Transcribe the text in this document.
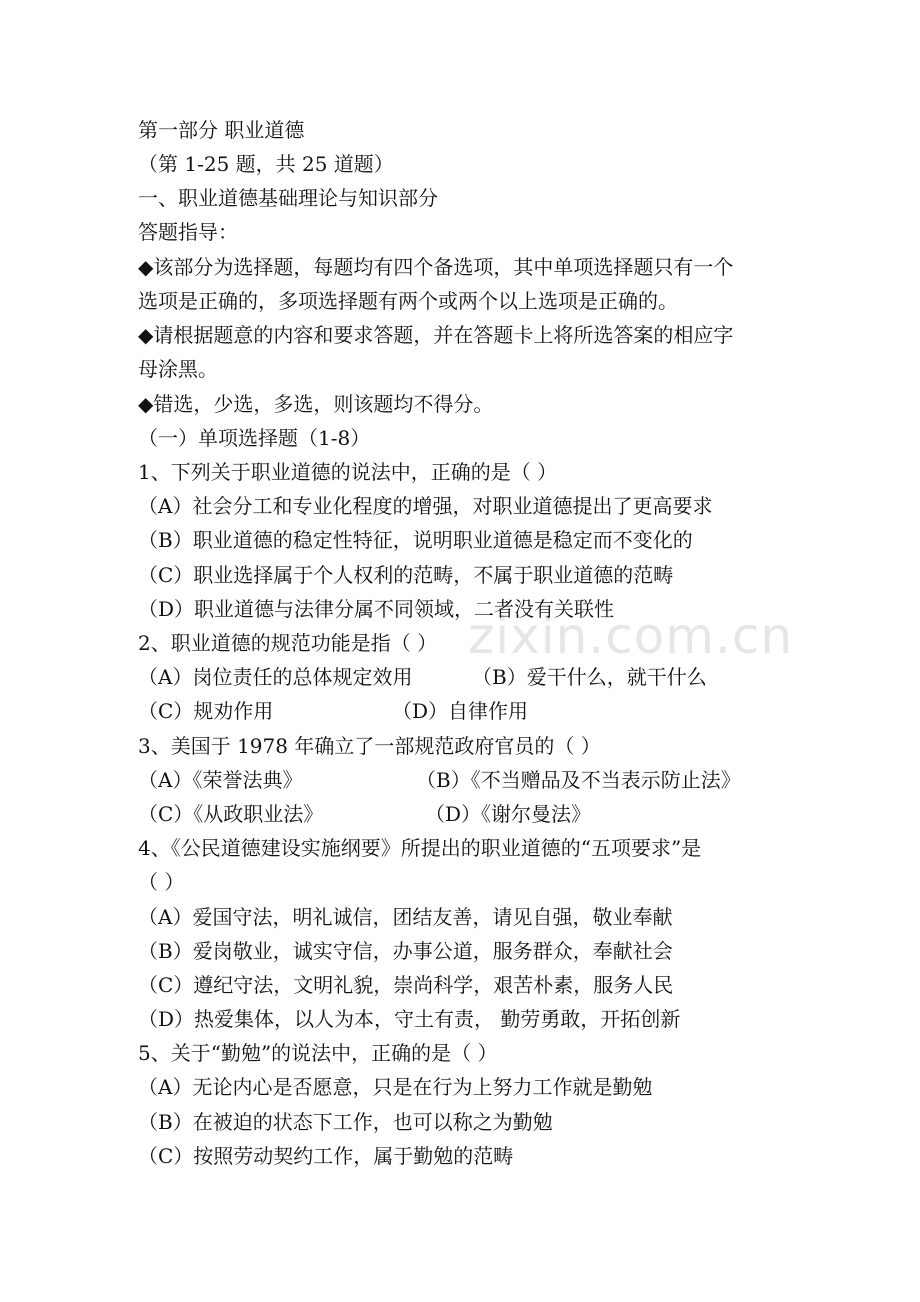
zixin.com.cn
第一部分 职业道德
（第 1-25 题，共 25 道题）
一、职业道德基础理论与知识部分
答题指导：
◆该部分为选择题，每题均有四个备选项，其中单项选择题只有一个
选项是正确的，多项选择题有两个或两个以上选项是正确的。
◆请根据题意的内容和要求答题，并在答题卡上将所选答案的相应字
母涂黑。
◆错选，少选，多选，则该题均不得分。
（一）单项选择题（1-8）
1、下列关于职业道德的说法中，正确的是（ ）
（A）社会分工和专业化程度的增强，对职业道德提出了更高要求
（B）职业道德的稳定性特征，说明职业道德是稳定而不变化的
（C）职业选择属于个人权利的范畴，不属于职业道德的范畴
（D）职业道德与法律分属不同领域，二者没有关联性
2、职业道德的规范功能是指（ ）
（A）岗位责任的总体规定效用	（B）爱干什么，就干什么
（C）规劝作用	（D）自律作用
3、美国于 1978 年确立了一部规范政府官员的（ ）
（A）《荣誉法典》	（B）《不当赠品及不当表示防止法》
（C）《从政职业法》	（D）《谢尔曼法》
4、《公民道德建设实施纲要》所提出的职业道德的“五项要求”是
（ ）
（A）爱国守法，明礼诚信，团结友善，请见自强，敬业奉献
（B）爱岗敬业，诚实守信，办事公道，服务群众，奉献社会
（C）遵纪守法，文明礼貌，崇尚科学，艰苦朴素，服务人民
（D）热爱集体，以人为本，守土有责， 勤劳勇敢，开拓创新
5、关于“勤勉”的说法中，正确的是（ ）
（A）无论内心是否愿意，只是在行为上努力工作就是勤勉
（B）在被迫的状态下工作，也可以称之为勤勉
（C）按照劳动契约工作，属于勤勉的范畴
